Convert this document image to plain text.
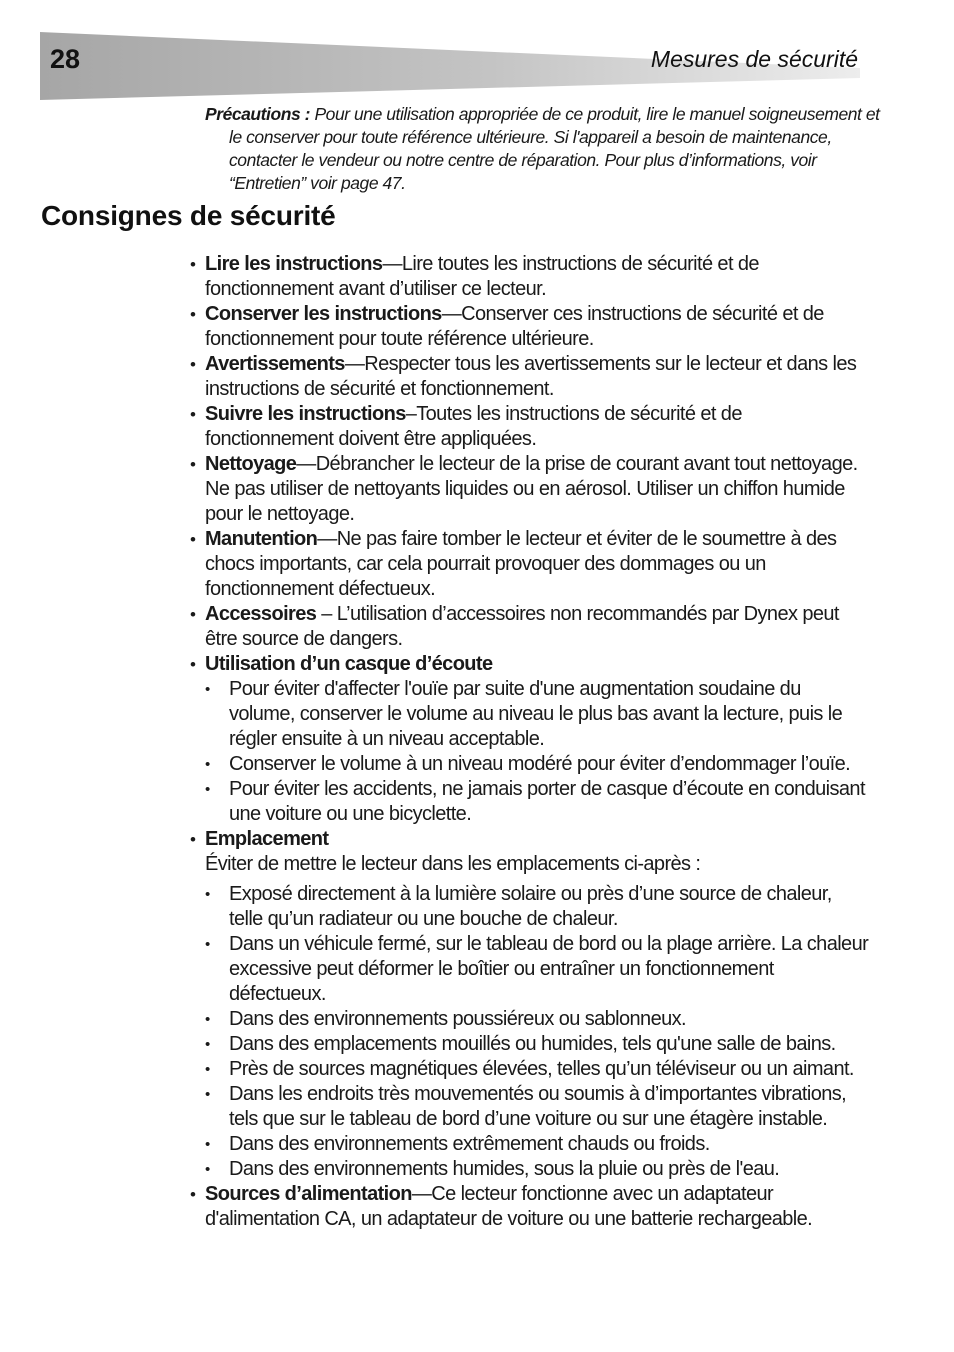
28	Mesures de sécurité
Précautions : Pour une utilisation appropriée de ce produit, lire le manuel soigneusement et
le conserver pour toute référence ultérieure. Si l'appareil a besoin de maintenance,
contacter le vendeur ou notre centre de réparation. Pour plus d’informations, voir
“Entretien” voir page 47.
Consignes de sécurité
• Lire les instructions—Lire toutes les instructions de sécurité et de fonctionnement avant d’utiliser ce lecteur.
• Conserver les instructions—Conserver ces instructions de sécurité et de fonctionnement pour toute référence ultérieure.
• Avertissements—Respecter tous les avertissements sur le lecteur et dans les instructions de sécurité et fonctionnement.
• Suivre les instructions–Toutes les instructions de sécurité et de fonctionnement doivent être appliquées.
• Nettoyage—Débrancher le lecteur de la prise de courant avant tout nettoyage. Ne pas utiliser de nettoyants liquides ou en aérosol. Utiliser un chiffon humide pour le nettoyage.
• Manutention—Ne pas faire tomber le lecteur et éviter de le soumettre à des chocs importants, car cela pourrait provoquer des dommages ou un fonctionnement défectueux.
• Accessoires – L’utilisation d’accessoires non recommandés par Dynex peut être source de dangers.
• Utilisation d’un casque d’écoute
• Pour éviter d'affecter l'ouïe par suite d'une augmentation soudaine du volume, conserver le volume au niveau le plus bas avant la lecture, puis le régler ensuite à un niveau acceptable.
• Conserver le volume à un niveau modéré pour éviter d’endommager l’ouïe.
• Pour éviter les accidents, ne jamais porter de casque d’écoute en conduisant une voiture ou une bicyclette.
• Emplacement
Éviter de mettre le lecteur dans les emplacements ci-après :
• Exposé directement à la lumière solaire ou près d’une source de chaleur, telle qu’un radiateur ou une bouche de chaleur.
• Dans un véhicule fermé, sur le tableau de bord ou la plage arrière. La chaleur excessive peut déformer le boîtier ou entraîner un fonctionnement défectueux.
• Dans des environnements poussiéreux ou sablonneux.
• Dans des emplacements mouillés ou humides, tels qu'une salle de bains.
• Près de sources magnétiques élevées, telles qu’un téléviseur ou un aimant.
• Dans les endroits très mouvementés ou soumis à d’importantes vibrations, tels que sur le tableau de bord d’une voiture ou sur une étagère instable.
• Dans des environnements extrêmement chauds ou froids.
• Dans des environnements humides, sous la pluie ou près de l'eau.
• Sources d’alimentation—Ce lecteur fonctionne avec un adaptateur d'alimentation CA, un adaptateur de voiture ou une batterie rechargeable.
